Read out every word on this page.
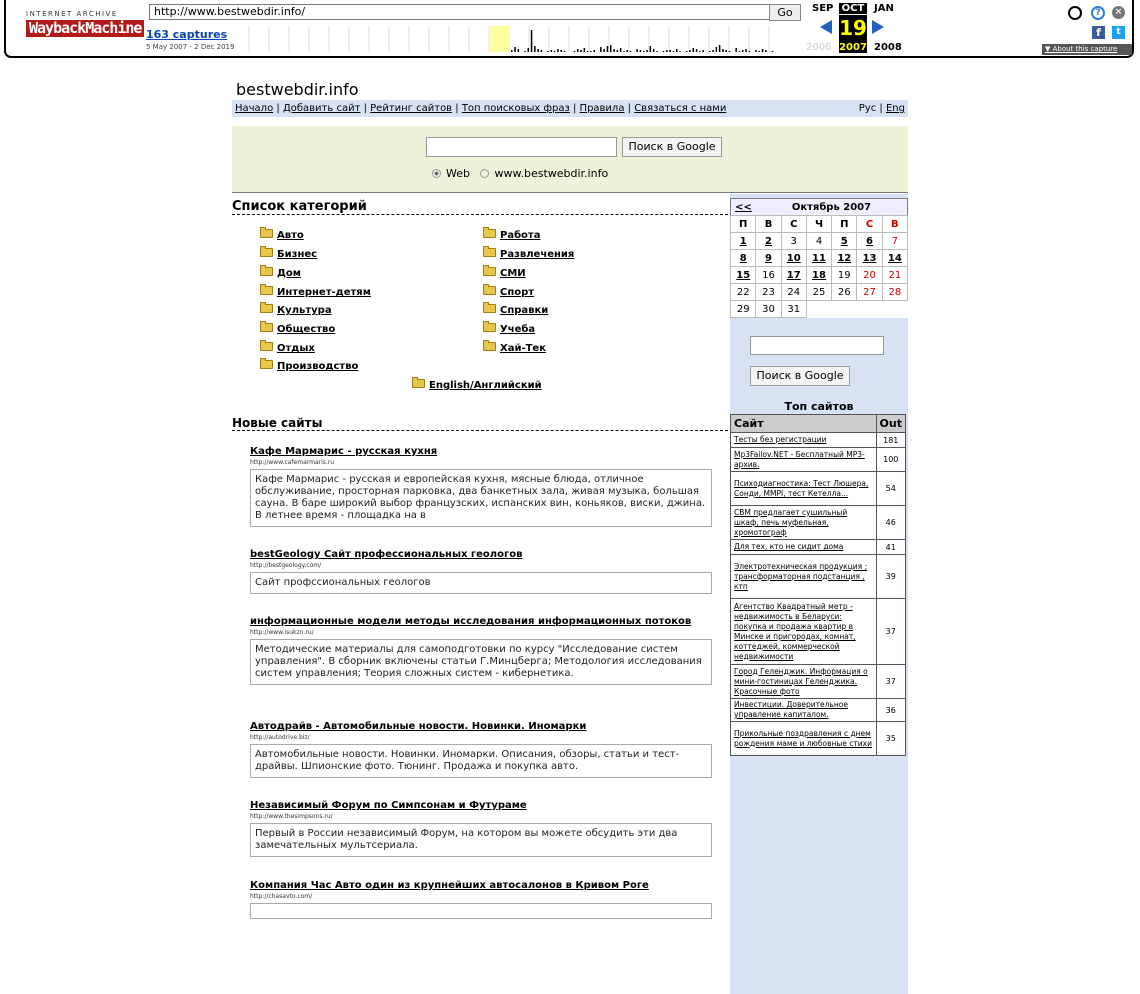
INTERNET ARCHIVE
WaybackMachine
http://www.bestwebdir.info/	Go
163 captures
5 May 2007 - 2 Dec 2019
SEP OCT JAN
19
2006 2007 2008
?	×
f	t
▼ About this capture
bestwebdir.info
Начало | Добавить сайт | Рейтинг сайтов | Топ поисковых фраз | Правила | Связаться с нами	Рус | Eng
Поиск в Google
Web www.bestwebdir.info
Список категорий
Авто
Бизнес
Дом
Интернет-детям
Культура
Общество
Отдых
Производство
Работа
Развлечения
СМИ
Спорт
Справки
Учеба
Хай-Тек
English/Английский
Новые сайты
Кафе Мармарис - русская кухня
http://www.cafemarmaris.ru
Кафе Мармарис - русская и европейская кухня, мясные блюда, отличное обслуживание, просторная парковка, два банкетных зала, живая музыка, большая сауна. В баре широкий выбор французских, испанских вин, коньяков, виски, джина. В летнее время - площадка на в
bestGeology Сайт профессиональных геологов
http://bestgeology.com/
Сайт профссиональных геологов
информационные модели методы исследования информационных потоков
http://www.isukzn.ru/
Методические материалы для самоподготовки по курсу "Исследование систем управления". В сборник включены статьи Г.Минцберга; Методология исследования систем управления; Теория сложных систем - кибернетика.
Автодрайв - Автомобильные новости. Новинки. Иномарки
http://autodrive.biz/
Автомобильные новости. Новинки. Иномарки. Описания, обзоры, статьи и тест-драйвы. Шпионские фото. Тюнинг. Продажа и покупка авто.
Независимый Форум по Симпсонам и Футураме
http://www.thesimpsons.ru/
Первый в России независимый Форум, на котором вы можете обсудить эти два замечательных мультсериала.
Компания Час Авто один из крупнейших автосалонов в Кривом Роге
http://chasavto.com/
<<	Октябрь 2007					
П	В	С	Ч	П	С	В
1	2	3	4	5	6	7
8	9	10	11	12	13	14
15	16	17	18	19	20	21
22	23	24	25	26	27	28
29	30	31				
Поиск в Google
Топ сайтов
Сайт	Out
Тесты без регистрации	181
Mp3Failov.NET - Бесплатный МР3-архив.	100
Психодиагностика: Тест Люшера, Сонди, MMPI, тест Кетелла...	54
СВМ предлагает сушильный шкаф, печь муфельная, хромотограф	46
Для тех, кто не сидит дома	41
Электротехническая продукция ; трансформаторная подстанция , ктп	39
Агентство Квадратный метр - недвижимость в Беларуси: покупка и продажа квартир в Минске и пригородах, комнат, коттеджей, коммерческой недвижимости	37
Город Геленджик. Информация о мини-гостиницах Геленджика. Красочные фото	37
Инвестиции. Доверительное управление капиталом.	36
Прикольные поздравления с днем рождения маме и любовные стихи	35
